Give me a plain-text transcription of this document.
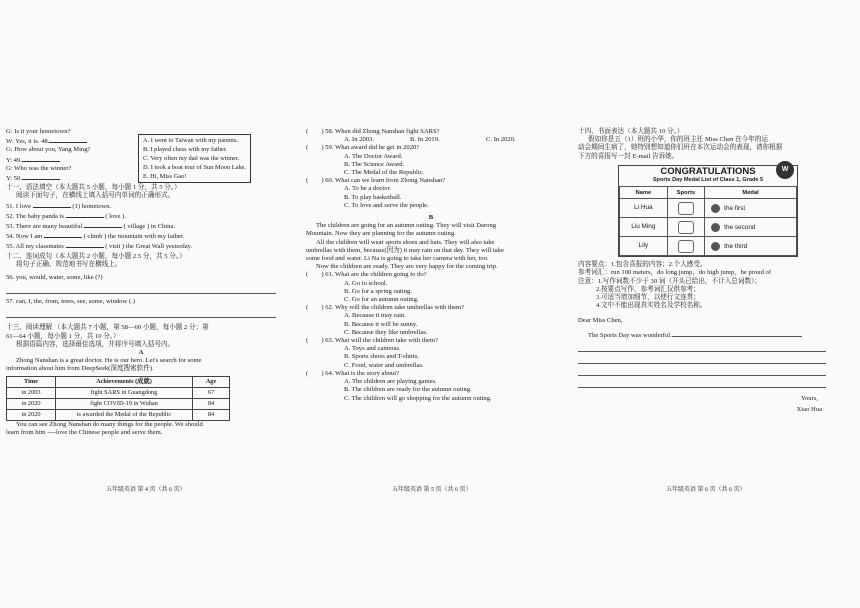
G: Is it your hometown?
W: Yes, it is. 48.
G: How about you, Yang Ming?
Y: 49.
G: Who was the winner?
Y: 50.
十一、语法填空（本大题共 5 小题，每小题 1 分，共 5 分。）
阅读下面句子，在横线上填入括号内单词的正确形式。
51. I love	(1) hometown.
52. The baby panda is	( love ).
53. There are many beautiful	( village ) in China.
54. Now I am	( climb ) the mountain with my father.
55. All my classmates	( visit ) the Great Wall yesterday.
十二、连词成句（本大题共 2 小题，每小题 2.5 分，共 5 分。）
将句子正确、规范地书写在横线上。
56. you, would, water, some, like (?)
57. can, I, the, from, trees, see, some, window (.)
十三、阅读理解 （本大题共 7 小题，第 58—60 小题，每小题 2 分；第
61—64 小题，每小题 1 分，共 10 分。）
根据语篇内容，选择最佳选项，并将序号填入括号内。
A
Zhong Nanshan is a great doctor. He is our hero. Let's search for some
information about him from DeepSeek(深度搜索软件).
Time	Achievements (成就)	Age
in 2003	fight SARS in Guangdong	67
in 2020	fight COVID-19 in Wuhan	84
in 2020	is awarded the Medal of the Republic	84
You can see Zhong Nanshan do many things for the people. We should
learn from him ----love the Chinese people and serve them.
A. I went to Taiwan with my parents.
B. I played chess with my father.
C. Very often my dad was the winner.
D. I took a boat tour of Sun Moon Lake.
E. Hi, Miss Gao!
五年级英语 第 4 页（共 6 页）
(　　) 58. When did Zhong Nanshan fight SARS?
A. In 2003.	B. In 2019.	C. In 2020.
(　　) 59. What award did he get in 2020?
A. The Doctor Award.
B. The Science Award.
C. The Medal of the Republic.
(　　) 60. What can we learn from Zhong Nanshan?
A. To be a doctor.
B. To play basketball.
C. To love and serve the people.
B
The children are going for an autumn outing. They will visit Darong
Mountain. Now they are planning for the autumn outing.
All the children will wear sports shoes and hats. They will also take
umbrellas with them, because(因为) it may rain on that day. They will take
some food and water. Li Na is going to take her camera with her, too.
Now the children are ready. They are very happy for the coming trip.
(　　) 61. What are the children going to do?
A. Go to school.
B. Go for a spring outing.
C. Go for an autumn outing.
(　　) 62. Why will the children take umbrellas with them?
A. Because it may rain.
B. Because it will be sunny.
C. Because they like umbrellas.
(　　) 63. What will the children take with them?
A. Toys and cameras.
B. Sports shoes and T-shirts.
C. Food, water and umbrellas.
(　　) 64. What is the story about?
A. The children are playing games.
B. The children are ready for the autumn outing.
C. The children will go shopping for the autumn outing.
五年级英语 第 5 页（共 6 页）
十四、书面表达（本大题共 10 分。）
假如你是五（1）班的小华，你的班主任 Miss Chen 在今年的运
动会期间生病了，她特别想知道你们班在本次运动会的表现，请你根据
下方的喜报写一封 E-mail 告诉她。
W
CONGRATULATIONS
Sports Day Medal List of Class 1, Grade 5
Name	Sports	Medal
Li Hua		the first
Liu Ming		the second
Lily		the third
内容要点：1.包含喜报的内容；2.个人感受。
参考词汇：run 100 meters，do long jump，do high jump，be proud of
注意：1.写作词数不少于 30 词（开头已给出，不计入总词数）；
2.按要点写作，参考词汇仅供参考；
3.可适当增加细节，以使行文连贯；
4.文中不能出现真实姓名及学校名称。
Dear Miss Chen,
The Sports Day was wonderful.
Yours,
Xiao Hua
五年级英语 第 6 页（共 6 页）
